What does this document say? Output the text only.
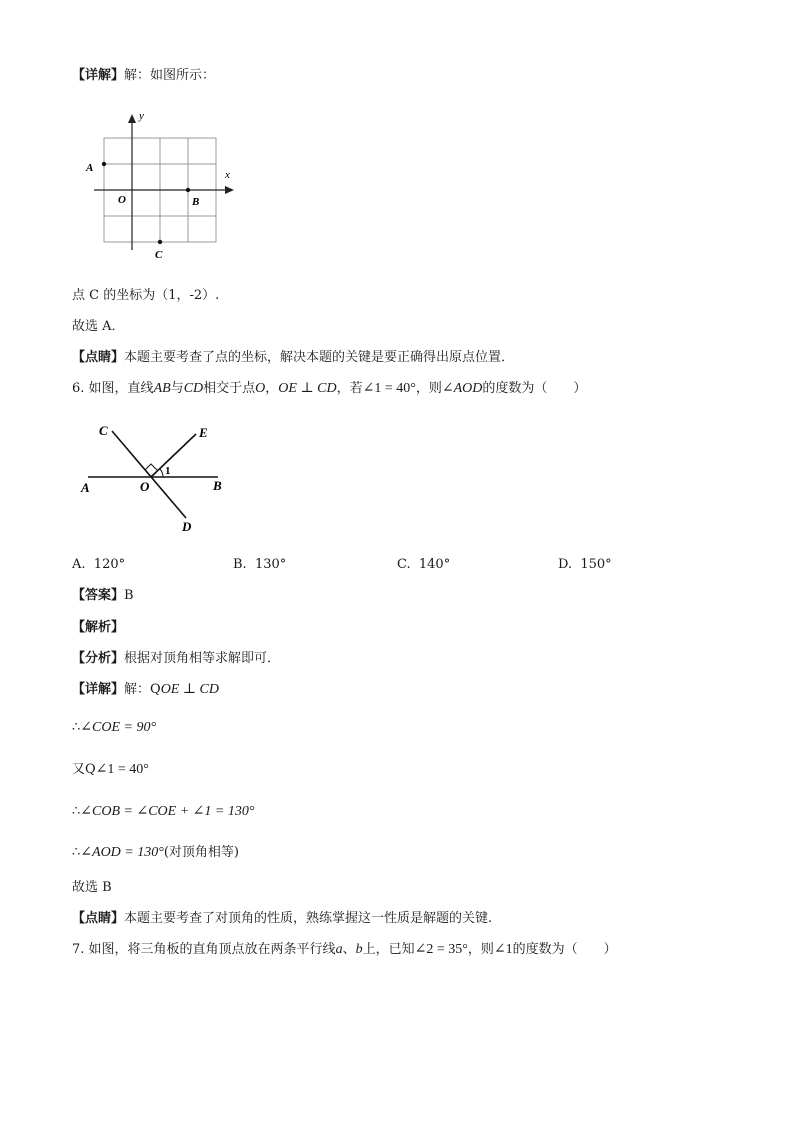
【详解】解：如图所示：
y
x
A
O	B
C
点 C 的坐标为（1，-2）.
故选 A．
【点睛】本题主要考查了点的坐标，解决本题的关键是要正确得出原点位置．
6. 如图，直线AB与CD相交于点O，OE ⊥ CD，若∠1 = 40°，则∠AOD的度数为（　　）
C	E
A	O
1
B
D
A. 120°	B. 130°	C. 140°	D. 150°
【答案】B
【解析】
【分析】根据对顶角相等求解即可．
【详解】解：QOE ⊥ CD
∴∠COE = 90°
又Q∠1 = 40°
∴∠COB = ∠COE + ∠1 = 130°
∴∠AOD = 130°(对顶角相等)
故选 B
【点睛】本题主要考查了对顶角的性质，熟练掌握这一性质是解题的关键.
7. 如图，将三角板的直角顶点放在两条平行线a、b上，已知∠2 = 35°，则∠1的度数为（　　）
